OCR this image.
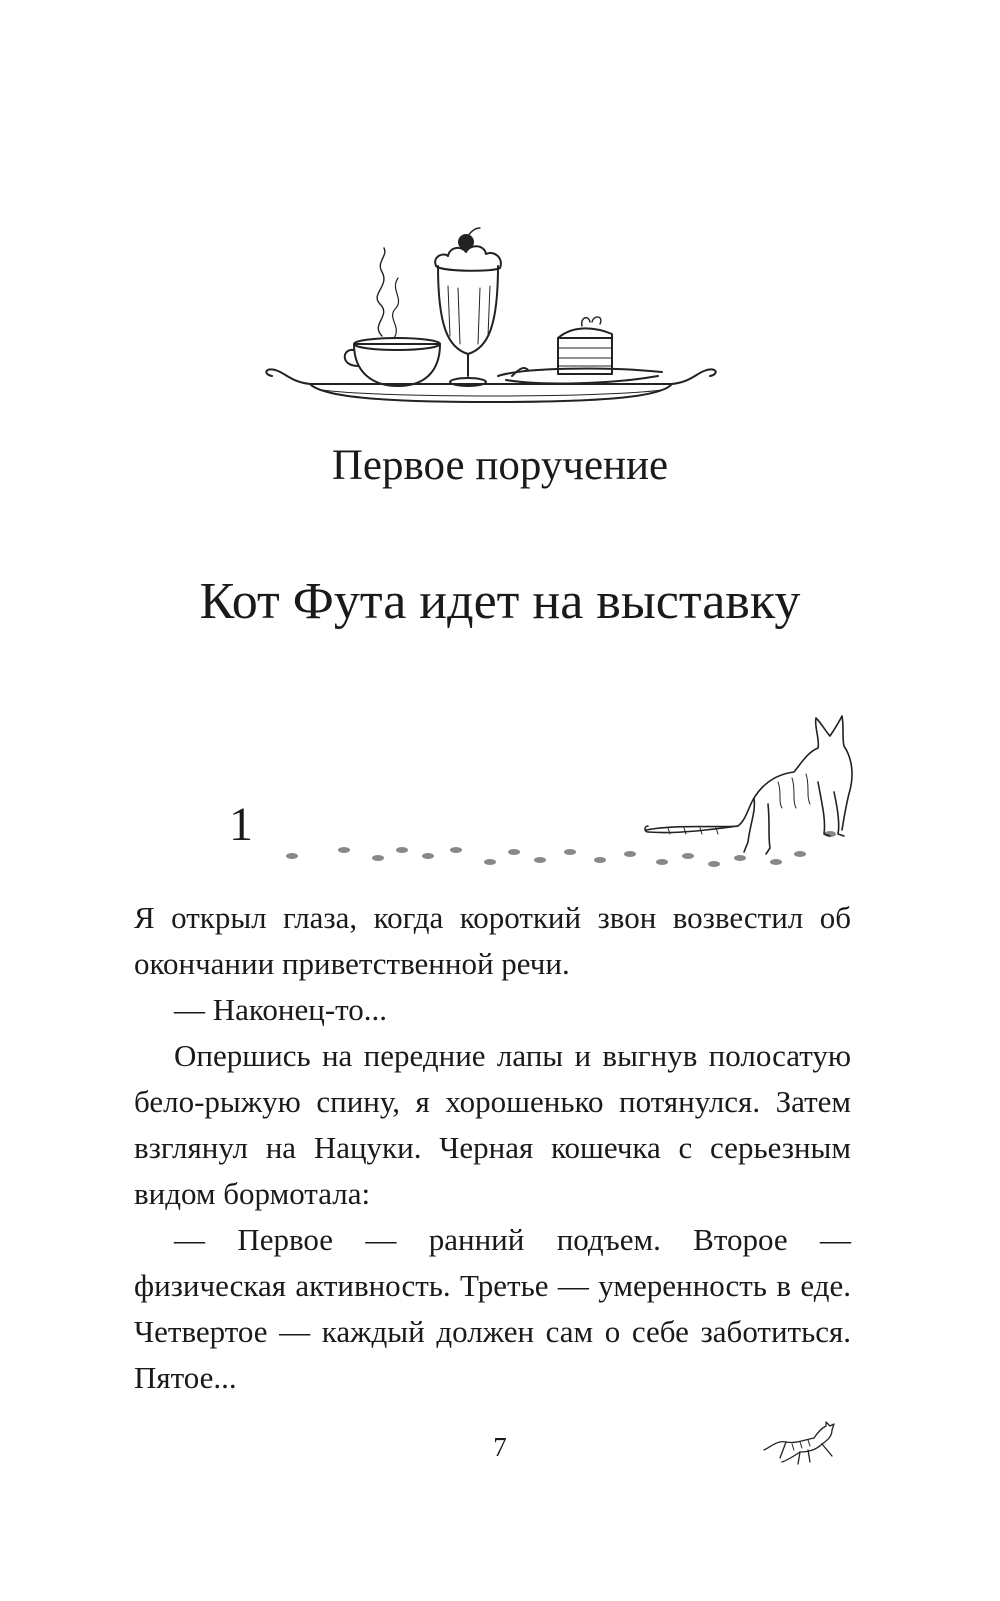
Первое поручение
Кот Фута идет на выставку
1

Я открыл глаза, когда короткий звон возвестил об окончании приветственной речи.

— Наконец-то...

Опершись на передние лапы и выгнув полосатую бело-рыжую спину, я хорошенько потянулся. Затем взглянул на Нацуки. Черная кошечка с серьезным видом бормотала:

— Первое — ранний подъем. Второе — физическая активность. Третье — умеренность в еде. Четвертое — каждый должен сам о себе заботиться. Пятое...

7
